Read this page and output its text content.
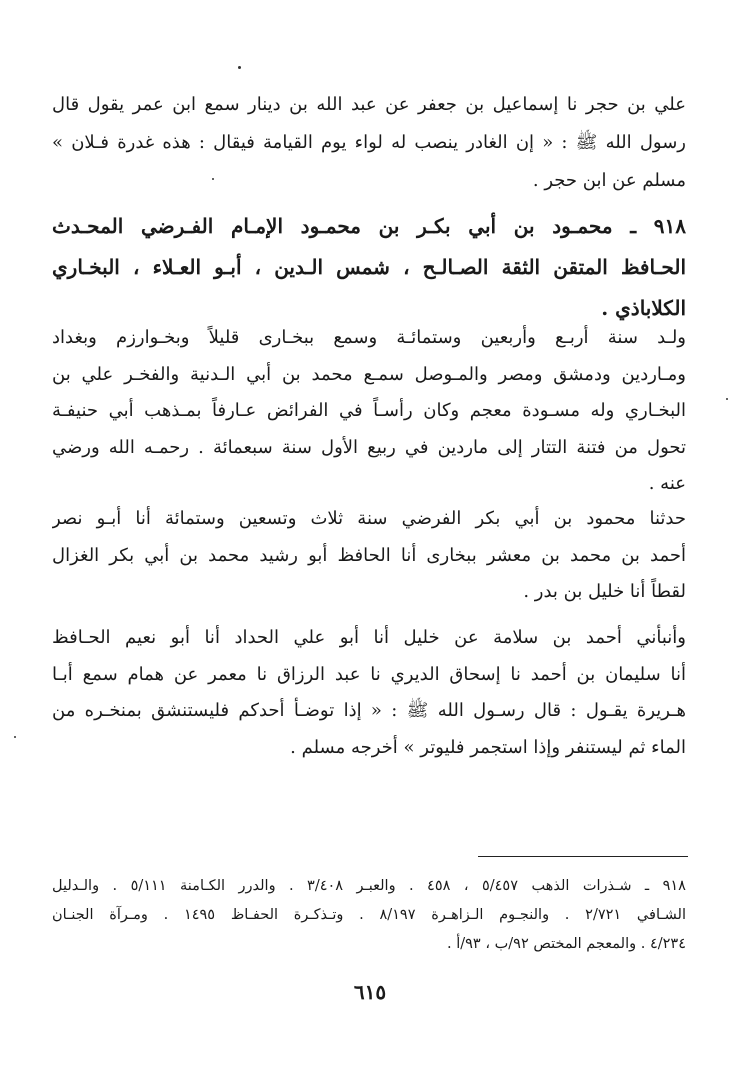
علي بن حجر نا إسماعيل بن جعفر عن عبد الله بن دينار سمع ابن عمر يقول قال
رسول الله ﷺ : « إن الغادر ينصب له لواء يوم القيامة فيقال : هذه غدرة فـلان »
مسلم عن ابن حجر .
٩١٨ ـ محمـود بن أبي بكـر بن محمـود الإمـام الفـرضي المحـدث
الحـافظ المتقن الثقة الصـالـح ، شمس الـدين ، أبـو العـلاء ، البخـاري
الكلاباذي .
ولـد سنة أربـع وأربعين وستمائـة وسمع ببخـارى قليلاً وبخـوارزم وبغداد
ومـاردين ودمشق ومصر والمـوصل سمـع محمد بن أبي الـدنية والفخـر علي بن
البخـاري وله مسـودة معجم وكان رأسـاً في الفرائض عـارفاً بمـذهب أبي حنيفـة
تحول من فتنة التتار إلى ماردين في ربيع الأول سنة سبعمائة . رحمـه الله ورضي
عنه .
حدثنا محمود بن أبي بكر الفرضي سنة ثلاث وتسعين وستمائة أنا أبـو نصر
أحمد بن محمد بن معشر ببخارى أنا الحافظ أبو رشيد محمد بن أبي بكر الغزال
لقطاً أنا خليل بن بدر .
وأنبأني أحمد بن سلامة عن خليل أنا أبو علي الحداد أنا أبو نعيم الحـافظ
أنا سليمان بن أحمد نا إسحاق الديري نا عبد الرزاق نا معمر عن همام سمع أبـا
هـريرة يقـول : قال رسـول الله ﷺ : « إذا توضـأ أحدكم فليستنشق بمنخـره من
الماء ثم ليستنفر وإذا استجمر فليوتر » أخرجه مسلم .
٩١٨ ـ شـذرات الذهب ٥/٤٥٧ ، ٤٥٨ . والعبـر ٣/٤٠٨ . والدرر الكـامنة ٥/١١١ . والـدليل
الشـافي ٢/٧٢١ . والنجـوم الـزاهـرة ٨/١٩٧ . وتـذكـرة الحفـاظ ١٤٩٥ . ومـرآة الجنـان
٤/٢٣٤ . والمعجم المختص ٩٢/ب ، ٩٣/أ .
٦١٥
